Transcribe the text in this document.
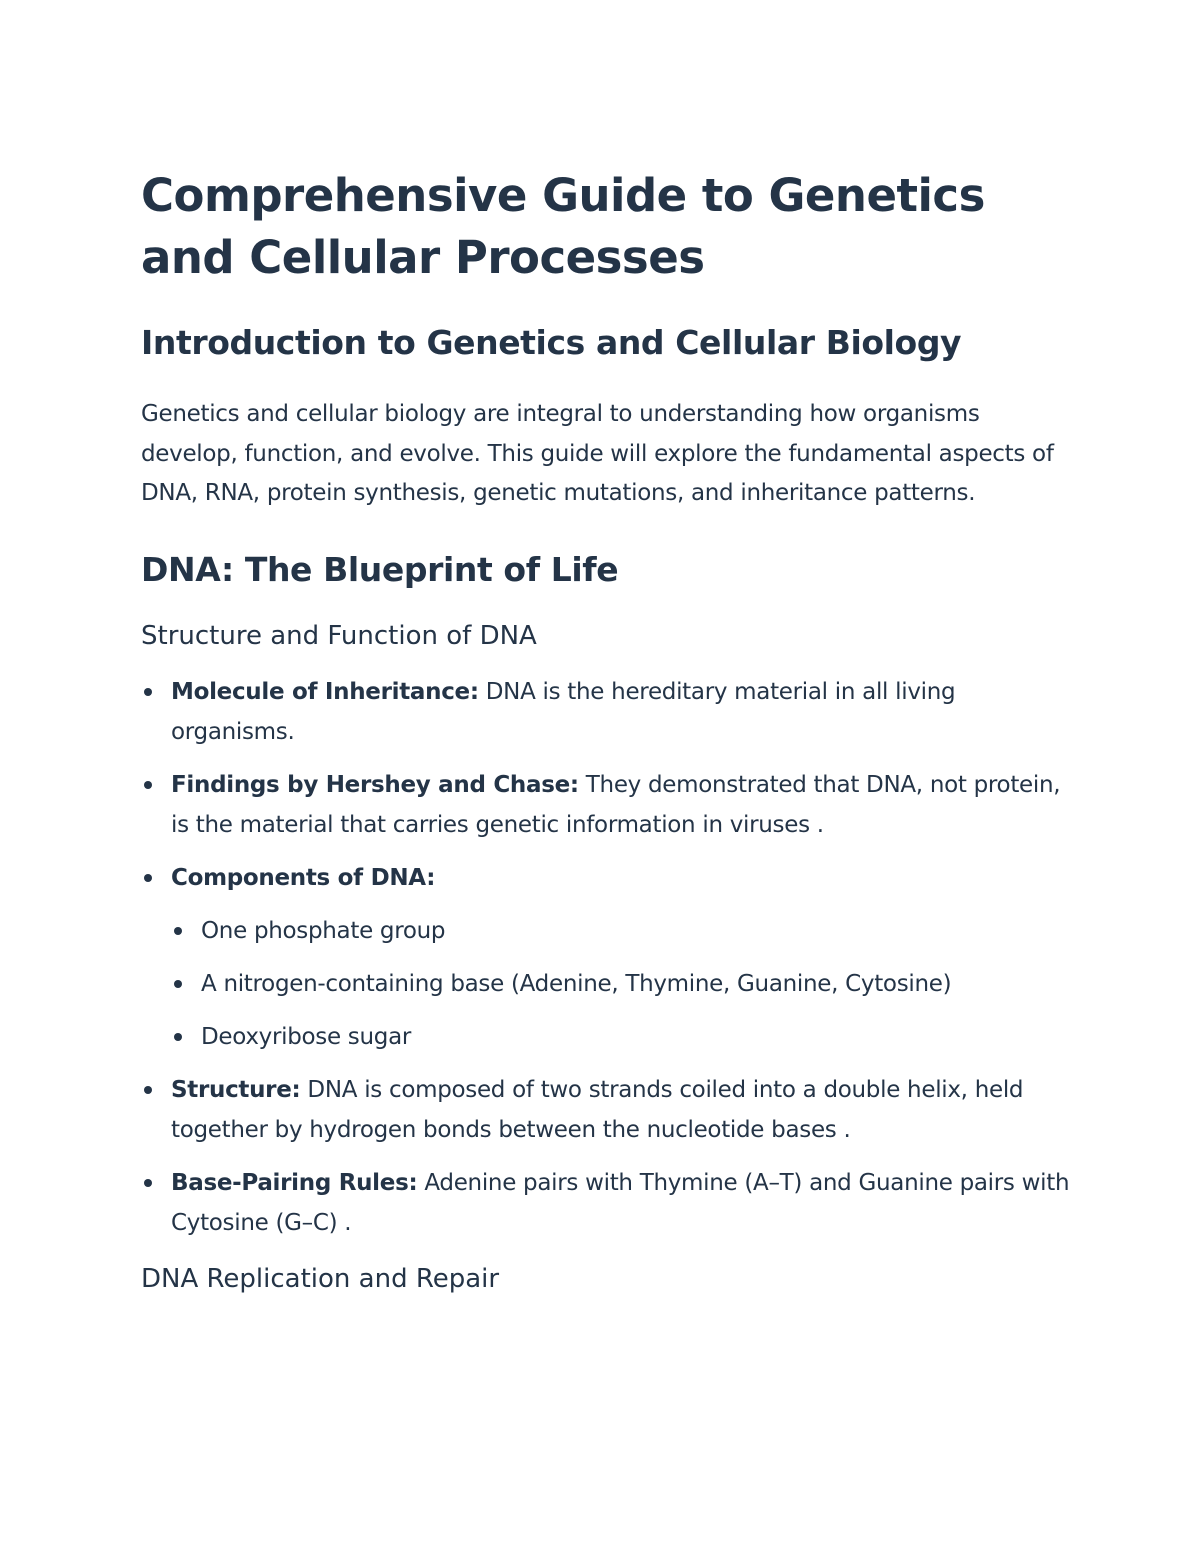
Comprehensive Guide to Genetics and Cellular Processes
Introduction to Genetics and Cellular Biology

Genetics and cellular biology are integral to understanding how organisms develop, function, and evolve. This guide will explore the fundamental aspects of DNA, RNA, protein synthesis, genetic mutations, and inheritance patterns.

DNA: The Blueprint of Life
Structure and Function of DNA
Molecule of Inheritance: DNA is the hereditary material in all living organisms.
Findings by Hershey and Chase: They demonstrated that DNA, not protein, is the material that carries genetic information in viruses .
Components of DNA:
One phosphate group
A nitrogen-containing base (Adenine, Thymine, Guanine, Cytosine)
Deoxyribose sugar
Structure: DNA is composed of two strands coiled into a double helix, held together by hydrogen bonds between the nucleotide bases .
Base-Pairing Rules: Adenine pairs with Thymine (A–T) and Guanine pairs with Cytosine (G–C) .
DNA Replication and Repair
